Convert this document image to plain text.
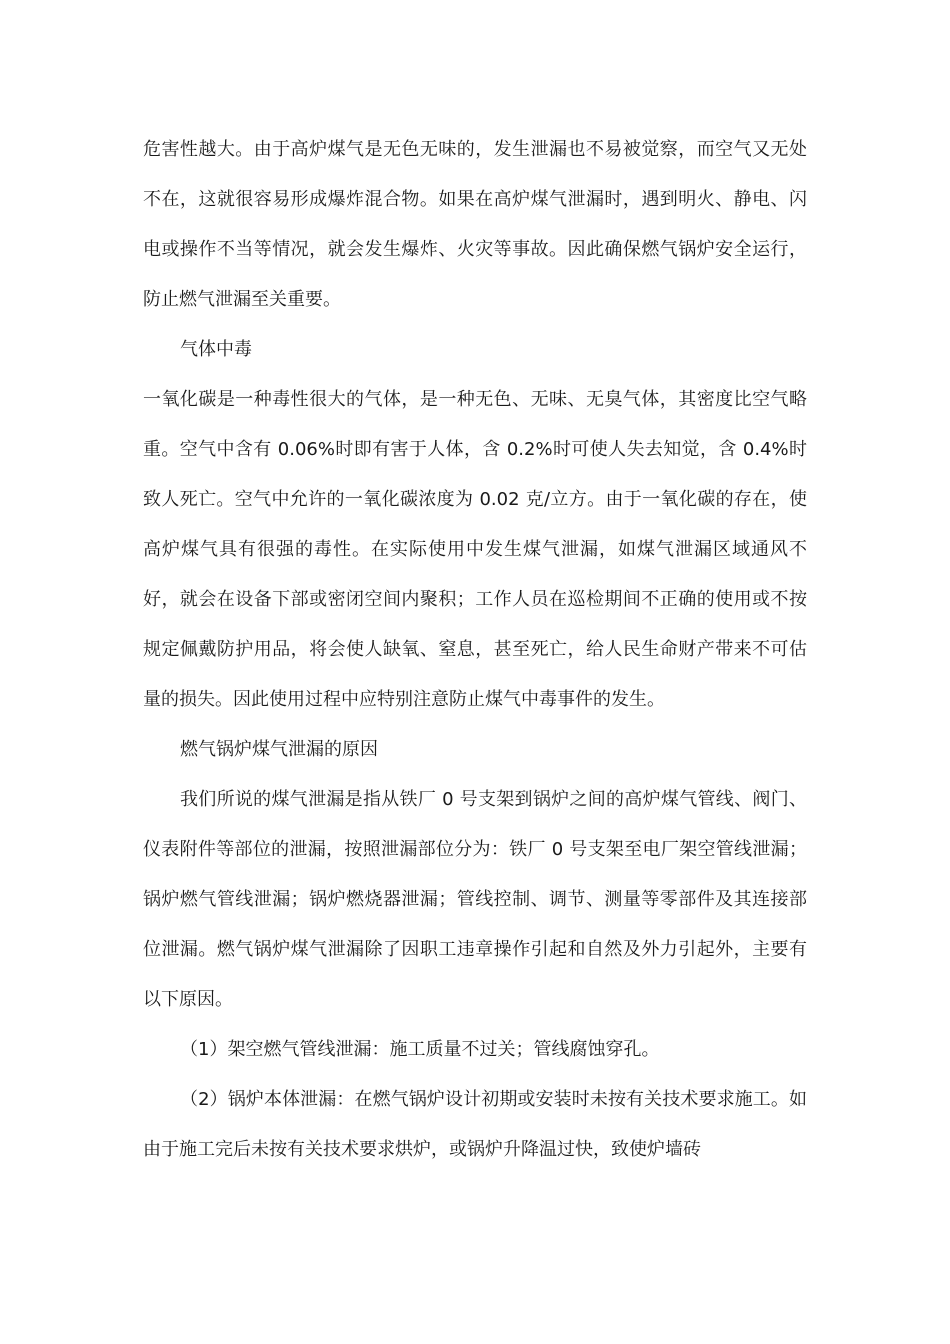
危害性越大。由于高炉煤气是无色无味的，发生泄漏也不易被觉察，而空气又无处不在，这就很容易形成爆炸混合物。如果在高炉煤气泄漏时，遇到明火、静电、闪电或操作不当等情况，就会发生爆炸、火灾等事故。因此确保燃气锅炉安全运行，防止燃气泄漏至关重要。

气体中毒

一氧化碳是一种毒性很大的气体，是一种无色、无味、无臭气体，其密度比空气略重。空气中含有 0.06%时即有害于人体，含 0.2%时可使人失去知觉，含 0.4%时致人死亡。空气中允许的一氧化碳浓度为 0.02 克/立方。由于一氧化碳的存在，使高炉煤气具有很强的毒性。在实际使用中发生煤气泄漏，如煤气泄漏区域通风不好，就会在设备下部或密闭空间内聚积；工作人员在巡检期间不正确的使用或不按规定佩戴防护用品，将会使人缺氧、窒息，甚至死亡，给人民生命财产带来不可估量的损失。因此使用过程中应特别注意防止煤气中毒事件的发生。

燃气锅炉煤气泄漏的原因

我们所说的煤气泄漏是指从铁厂 0 号支架到锅炉之间的高炉煤气管线、阀门、仪表附件等部位的泄漏，按照泄漏部位分为：铁厂 0 号支架至电厂架空管线泄漏；锅炉燃气管线泄漏；锅炉燃烧器泄漏；管线控制、调节、测量等零部件及其连接部位泄漏。燃气锅炉煤气泄漏除了因职工违章操作引起和自然及外力引起外，主要有以下原因。

（1）架空燃气管线泄漏：施工质量不过关；管线腐蚀穿孔。

（2）锅炉本体泄漏：在燃气锅炉设计初期或安装时未按有关技术要求施工。如由于施工完后未按有关技术要求烘炉，或锅炉升降温过快，致使炉墙砖
